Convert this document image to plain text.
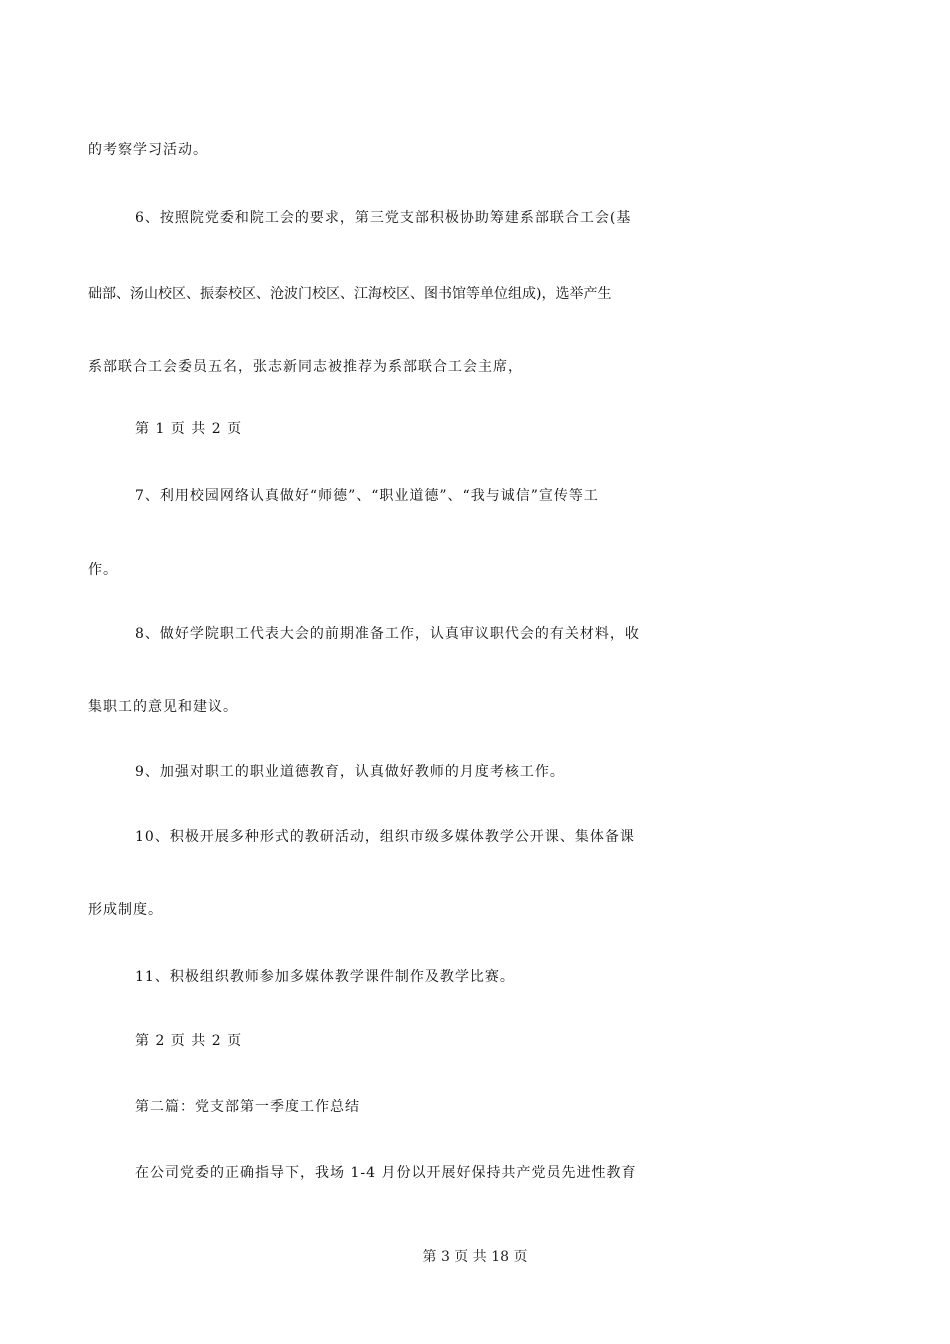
的考察学习活动。
6、按照院党委和院工会的要求，第三党支部积极协助筹建系部联合工会(基
础部、汤山校区、振泰校区、沧波门校区、江海校区、图书馆等单位组成)，选举产生
系部联合工会委员五名，张志新同志被推荐为系部联合工会主席，
第 1 页 共 2 页
7、利用校园网络认真做好“师德”、“职业道德”、“我与诚信”宣传等工
作。
8、做好学院职工代表大会的前期准备工作，认真审议职代会的有关材料，收
集职工的意见和建议。
9、加强对职工的职业道德教育，认真做好教师的月度考核工作。
10、积极开展多种形式的教研活动，组织市级多媒体教学公开课、集体备课
形成制度。
11、积极组织教师参加多媒体教学课件制作及教学比赛。
第 2 页 共 2 页
第二篇：党支部第一季度工作总结
在公司党委的正确指导下，我场 1-4 月份以开展好保持共产党员先进性教育
第 3 页 共 18 页
